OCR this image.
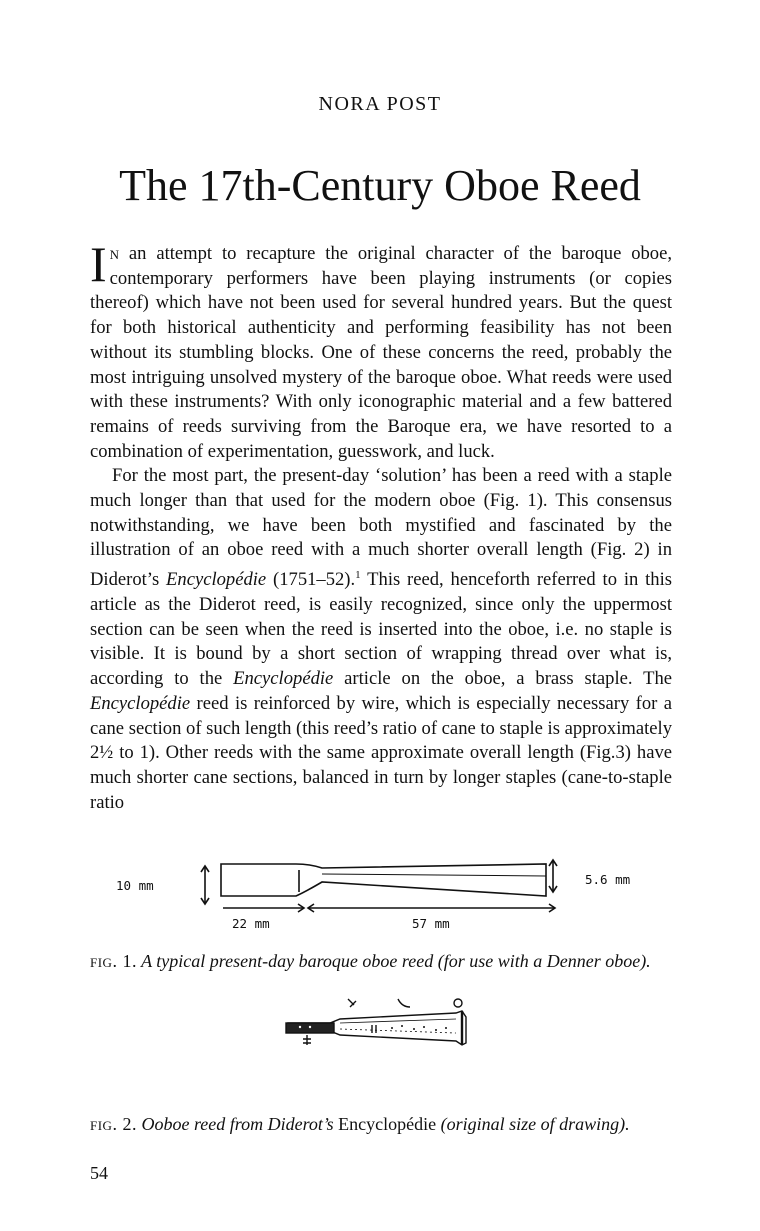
NORA POST
The 17th-Century Oboe Reed

In an attempt to recapture the original character of the baroque oboe, contemporary performers have been playing instruments (or copies thereof) which have not been used for several hundred years. But the quest for both historical authenticity and performing feasibility has not been without its stumbling blocks. One of these concerns the reed, probably the most intriguing unsolved mystery of the baroque oboe. What reeds were used with these instruments? With only iconographic material and a few battered remains of reeds surviving from the Baroque era, we have resorted to a combination of experimentation, guesswork, and luck.

For the most part, the present-day ‘solution’ has been a reed with a staple much longer than that used for the modern oboe (Fig. 1). This consensus notwithstanding, we have been both mystified and fascinated by the illustration of an oboe reed with a much shorter overall length (Fig. 2) in Diderot’s Encyclopédie (1751–52).$^1$ This reed, henceforth referred to in this article as the Diderot reed, is easily recognized, since only the uppermost section can be seen when the reed is inserted into the oboe, i.e. no staple is visible. It is bound by a short section of wrapping thread over what is, according to the Encyclopédie article on the oboe, a brass staple. The Encyclopédie reed is reinforced by wire, which is especially necessary for a cane section of such length (this reed’s ratio of cane to staple is approximately 2½ to 1). Other reeds with the same approximate overall length (Fig.3) have much shorter cane sections, balanced in turn by longer staples (cane-to-staple ratio

10 mm	5.6 mm
22 mm	57 mm
fig. 1. A typical present-day baroque oboe reed (for use with a Denner oboe).
fig. 2. Ooboe reed from Diderot’s Encyclopédie (original size of drawing).
54
